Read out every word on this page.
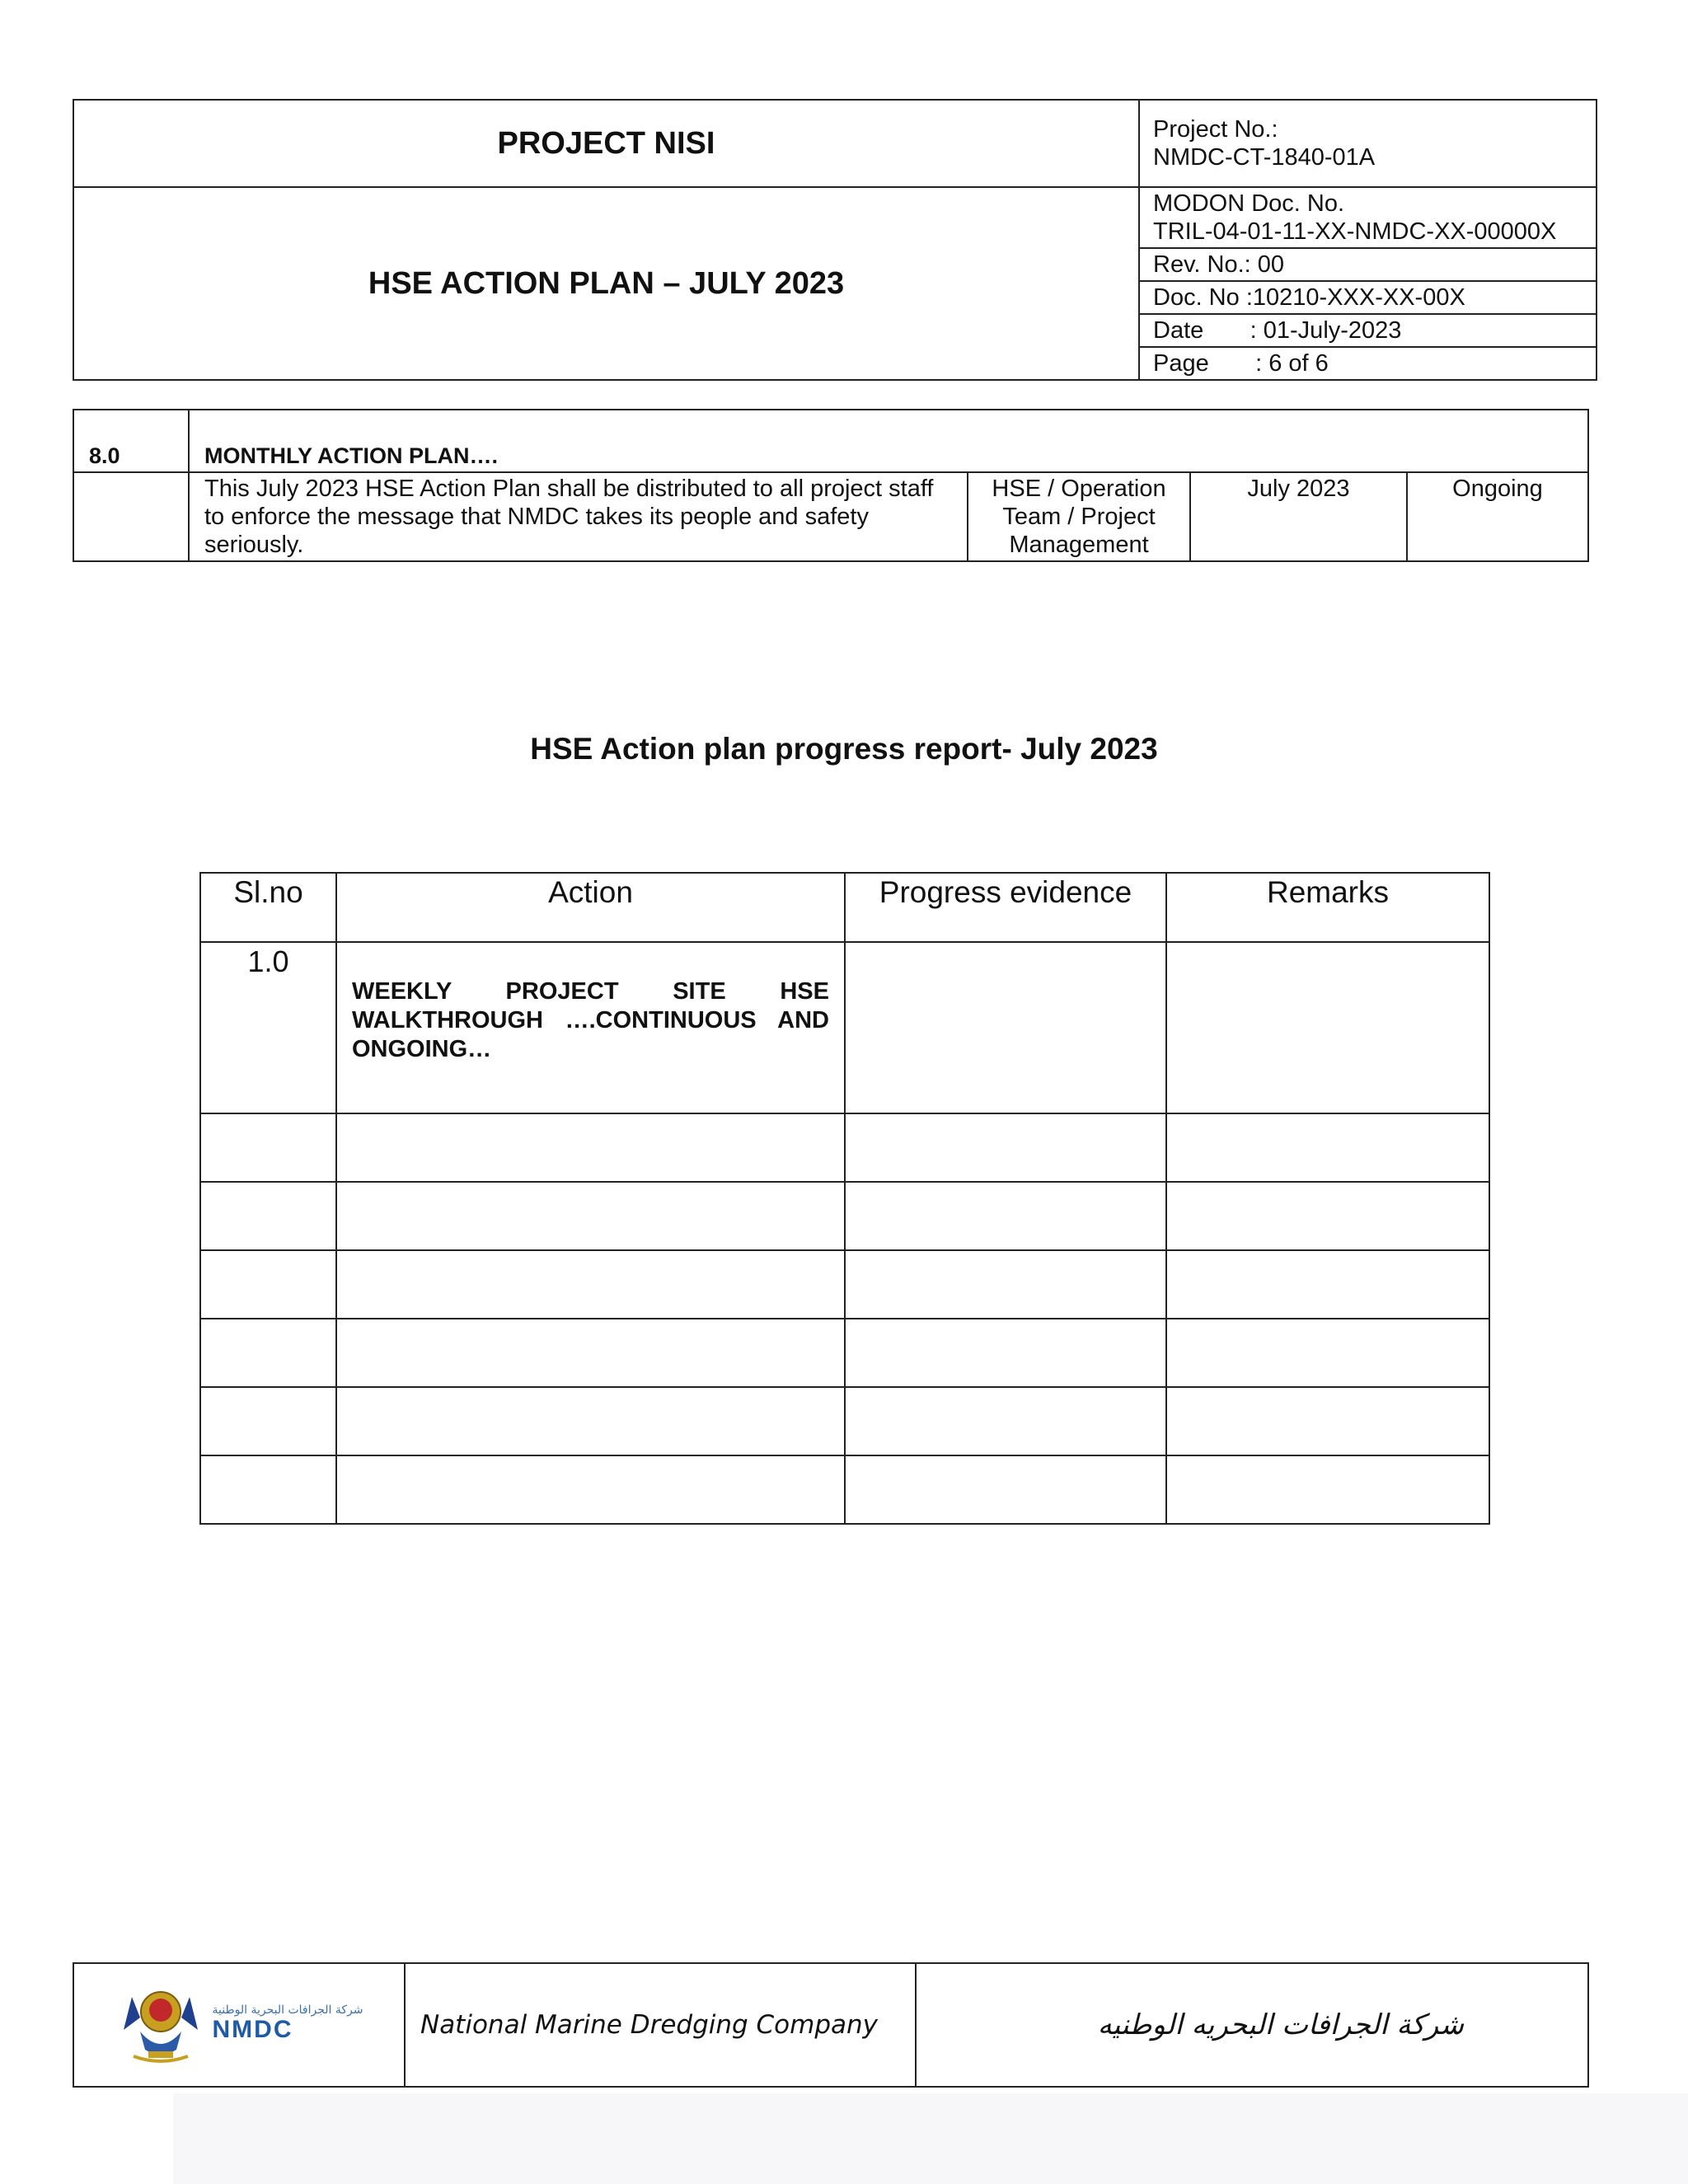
PROJECT NISI	Project No.:
NMDC-CT-1840-01A

HSE ACTION PLAN – JULY 2023	MODON Doc. No.
TRIL-04-01-11-XX-NMDC-XX-00000X

	Rev. No.: 00
	Doc. No :10210-XXX-XX-00X
	Date       : 01-July-2023
	Page       : 6 of 6
8.0	MONTHLY ACTION PLAN….			
	This July 2023 HSE Action Plan shall be distributed to all project staff to enforce the message that NMDC takes its people and safety seriously.	HSE / Operation Team / Project Management	July 2023	Ongoing
HSE Action plan progress report- July 2023
Sl.no	Action	Progress evidence	Remarks
1.0	WEEKLY PROJECT SITE HSE WALKTHROUGH ….CONTINUOUS AND ONGOING…		

شركة الجرافات البحرية الوطنية
NMDC	National Marine Dredging Company	شركة الجرافات البحريه الوطنيه
